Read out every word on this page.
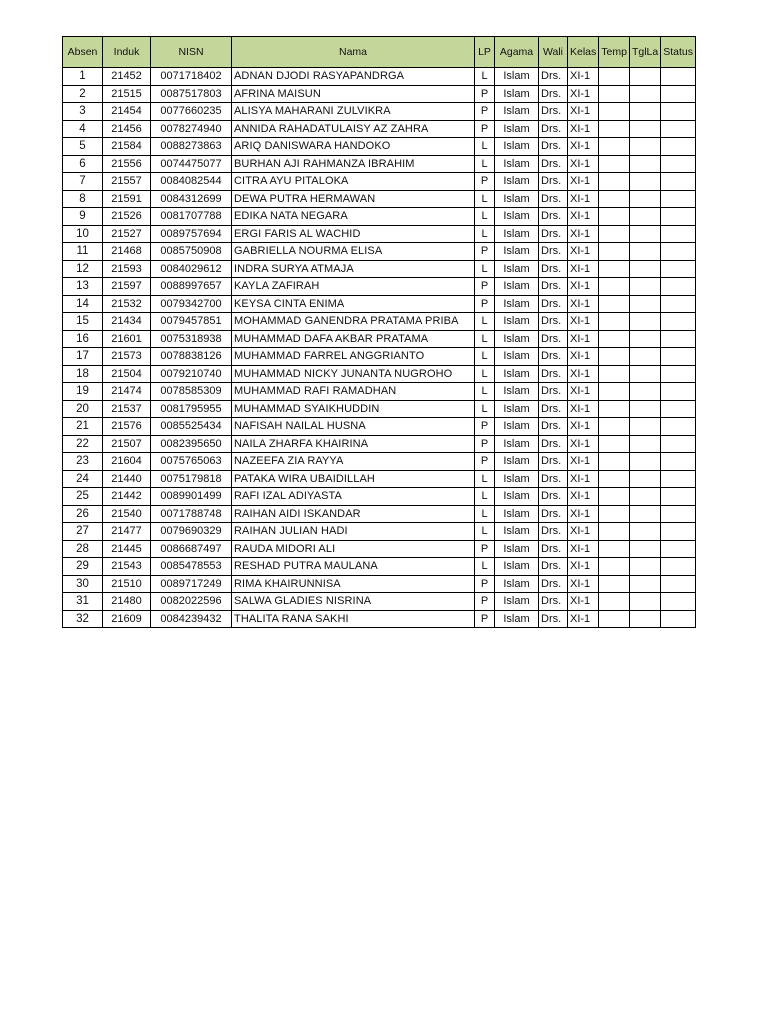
Absen	Induk	NISN	Nama	LP	Agama	Wali	Kelas	Temp	TglLa	Status
1	21452	0071718402	ADNAN DJODI RASYAPANDRGA	L	Islam	Drs.	XI-1			
2	21515	0087517803	AFRINA MAISUN	P	Islam	Drs.	XI-1			
3	21454	0077660235	ALISYA MAHARANI ZULVIKRA	P	Islam	Drs.	XI-1			
4	21456	0078274940	ANNIDA RAHADATULAISY AZ ZAHRA	P	Islam	Drs.	XI-1			
5	21584	0088273863	ARIQ DANISWARA HANDOKO	L	Islam	Drs.	XI-1			
6	21556	0074475077	BURHAN AJI RAHMANZA IBRAHIM	L	Islam	Drs.	XI-1			
7	21557	0084082544	CITRA AYU PITALOKA	P	Islam	Drs.	XI-1			
8	21591	0084312699	DEWA PUTRA HERMAWAN	L	Islam	Drs.	XI-1			
9	21526	0081707788	EDIKA NATA NEGARA	L	Islam	Drs.	XI-1			
10	21527	0089757694	ERGI FARIS AL WACHID	L	Islam	Drs.	XI-1			
11	21468	0085750908	GABRIELLA NOURMA ELISA	P	Islam	Drs.	XI-1			
12	21593	0084029612	INDRA SURYA ATMAJA	L	Islam	Drs.	XI-1			
13	21597	0088997657	KAYLA ZAFIRAH	P	Islam	Drs.	XI-1			
14	21532	0079342700	KEYSA CINTA ENIMA	P	Islam	Drs.	XI-1			
15	21434	0079457851	MOHAMMAD GANENDRA PRATAMA PRIBA	L	Islam	Drs.	XI-1			
16	21601	0075318938	MUHAMMAD DAFA AKBAR PRATAMA	L	Islam	Drs.	XI-1			
17	21573	0078838126	MUHAMMAD FARREL ANGGRIANTO	L	Islam	Drs.	XI-1			
18	21504	0079210740	MUHAMMAD NICKY JUNANTA NUGROHO	L	Islam	Drs.	XI-1			
19	21474	0078585309	MUHAMMAD RAFI RAMADHAN	L	Islam	Drs.	XI-1			
20	21537	0081795955	MUHAMMAD SYAIKHUDDIN	L	Islam	Drs.	XI-1			
21	21576	0085525434	NAFISAH NAILAL HUSNA	P	Islam	Drs.	XI-1			
22	21507	0082395650	NAILA ZHARFA KHAIRINA	P	Islam	Drs.	XI-1			
23	21604	0075765063	NAZEEFA ZIA RAYYA	P	Islam	Drs.	XI-1			
24	21440	0075179818	PATAKA WIRA UBAIDILLAH	L	Islam	Drs.	XI-1			
25	21442	0089901499	RAFI IZAL ADIYASTA	L	Islam	Drs.	XI-1			
26	21540	0071788748	RAIHAN AIDI ISKANDAR	L	Islam	Drs.	XI-1			
27	21477	0079690329	RAIHAN JULIAN HADI	L	Islam	Drs.	XI-1			
28	21445	0086687497	RAUDA MIDORI ALI	P	Islam	Drs.	XI-1			
29	21543	0085478553	RESHAD PUTRA MAULANA	L	Islam	Drs.	XI-1			
30	21510	0089717249	RIMA KHAIRUNNISA	P	Islam	Drs.	XI-1			
31	21480	0082022596	SALWA GLADIES NISRINA	P	Islam	Drs.	XI-1			
32	21609	0084239432	THALITA RANA SAKHI	P	Islam	Drs.	XI-1			
